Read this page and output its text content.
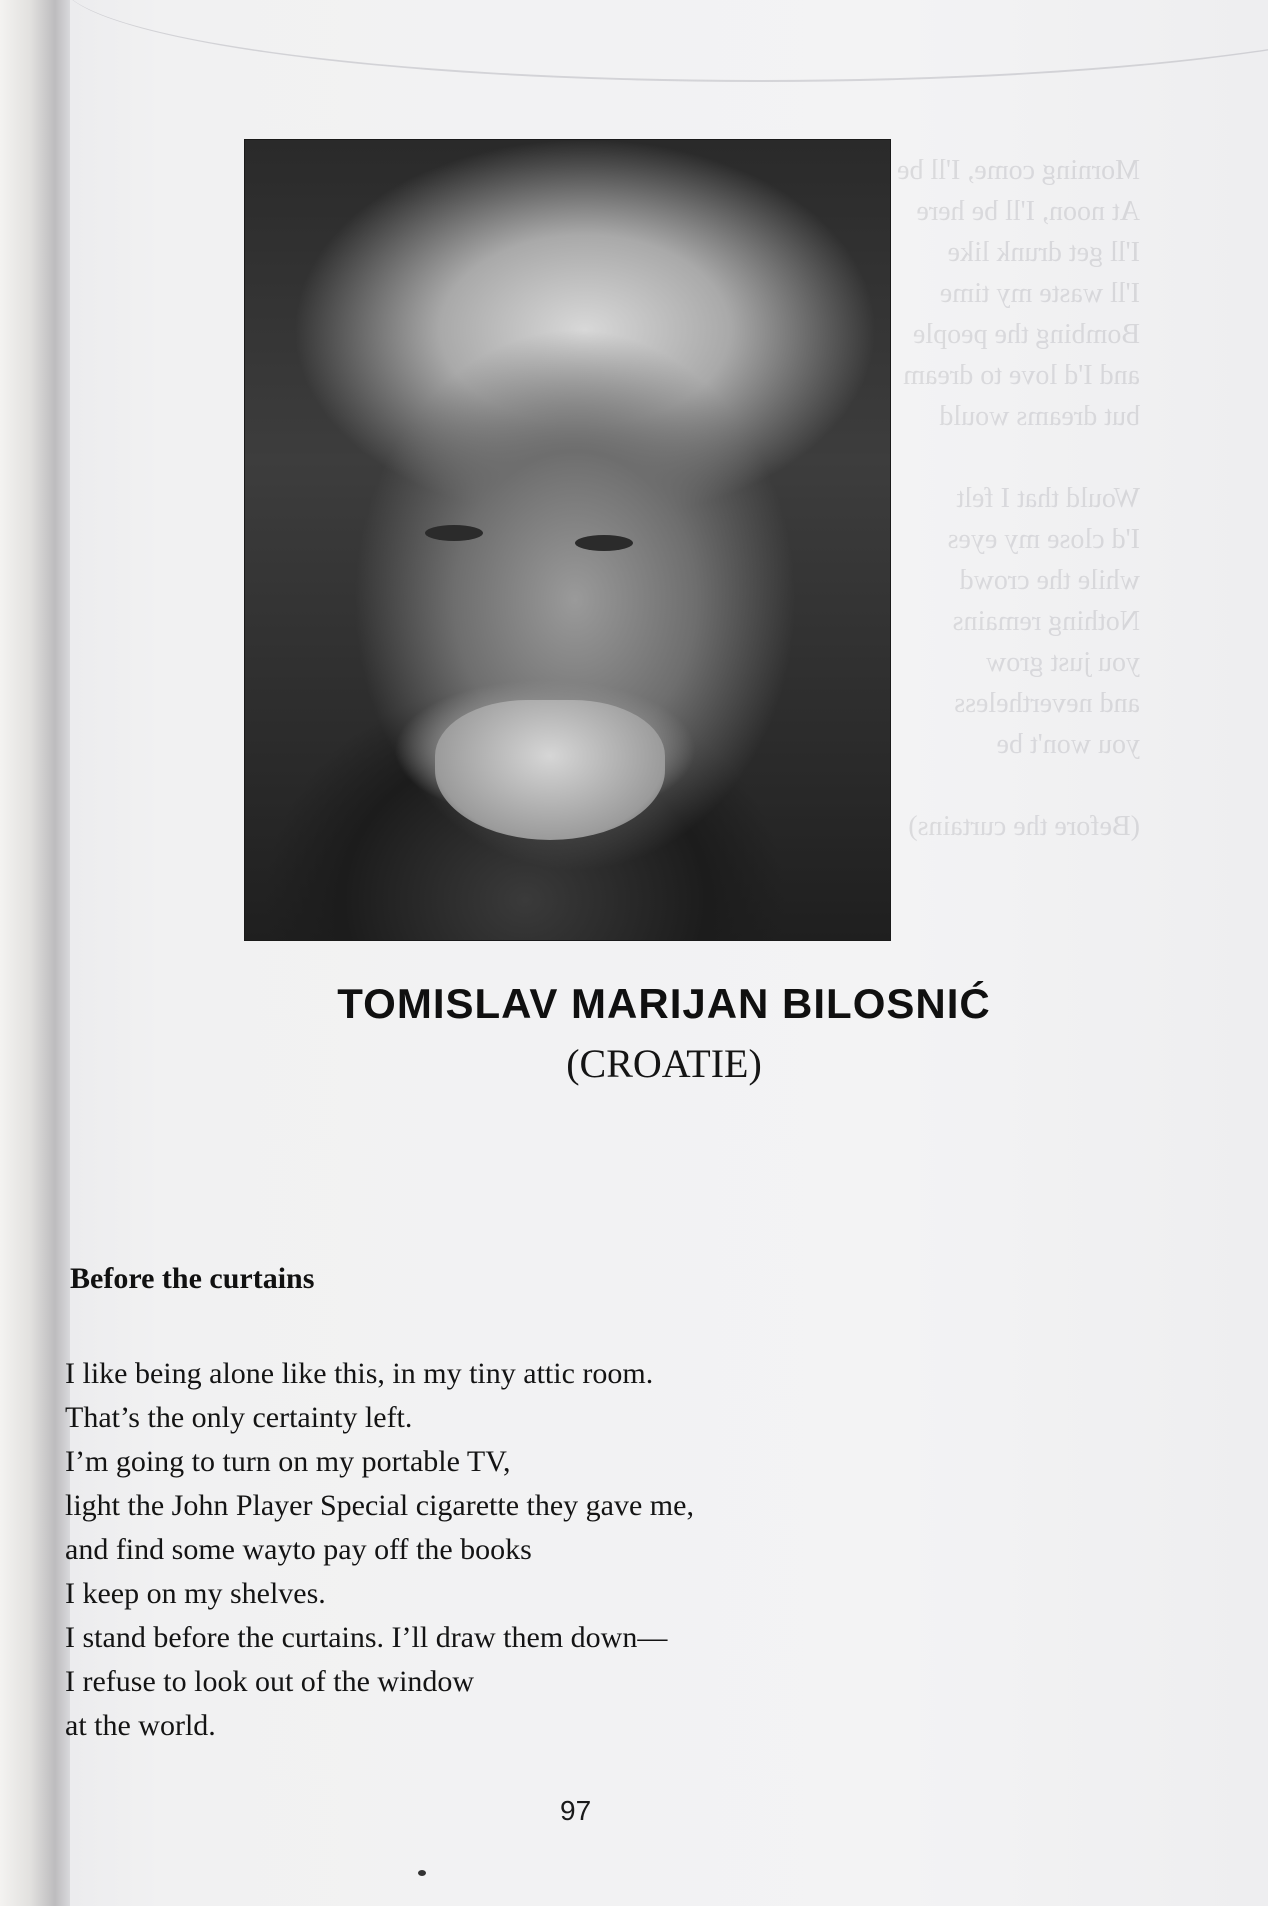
Morning come, I'll be there
At noon, I'll be here
I'll get drunk like
I'll waste my time
Bombing the people
and I'd love to dream
but dreams would
Would that I felt
I'd close my eyes
while the crowd
Nothing remains
you just grow
and nevertheless
you won't be
(Before the curtains)
TOMISLAV MARIJAN BILOSNIĆ
(CROATIE)
Before the curtains
I like being alone like this, in my tiny attic room.
That’s the only certainty left.
I’m going to turn on my portable TV,
light the John Player Special cigarette they gave me,
and find some wayto pay off the books
I keep on my shelves.
I stand before the curtains. I’ll draw them down—
I refuse to look out of the window
at the world.
97
